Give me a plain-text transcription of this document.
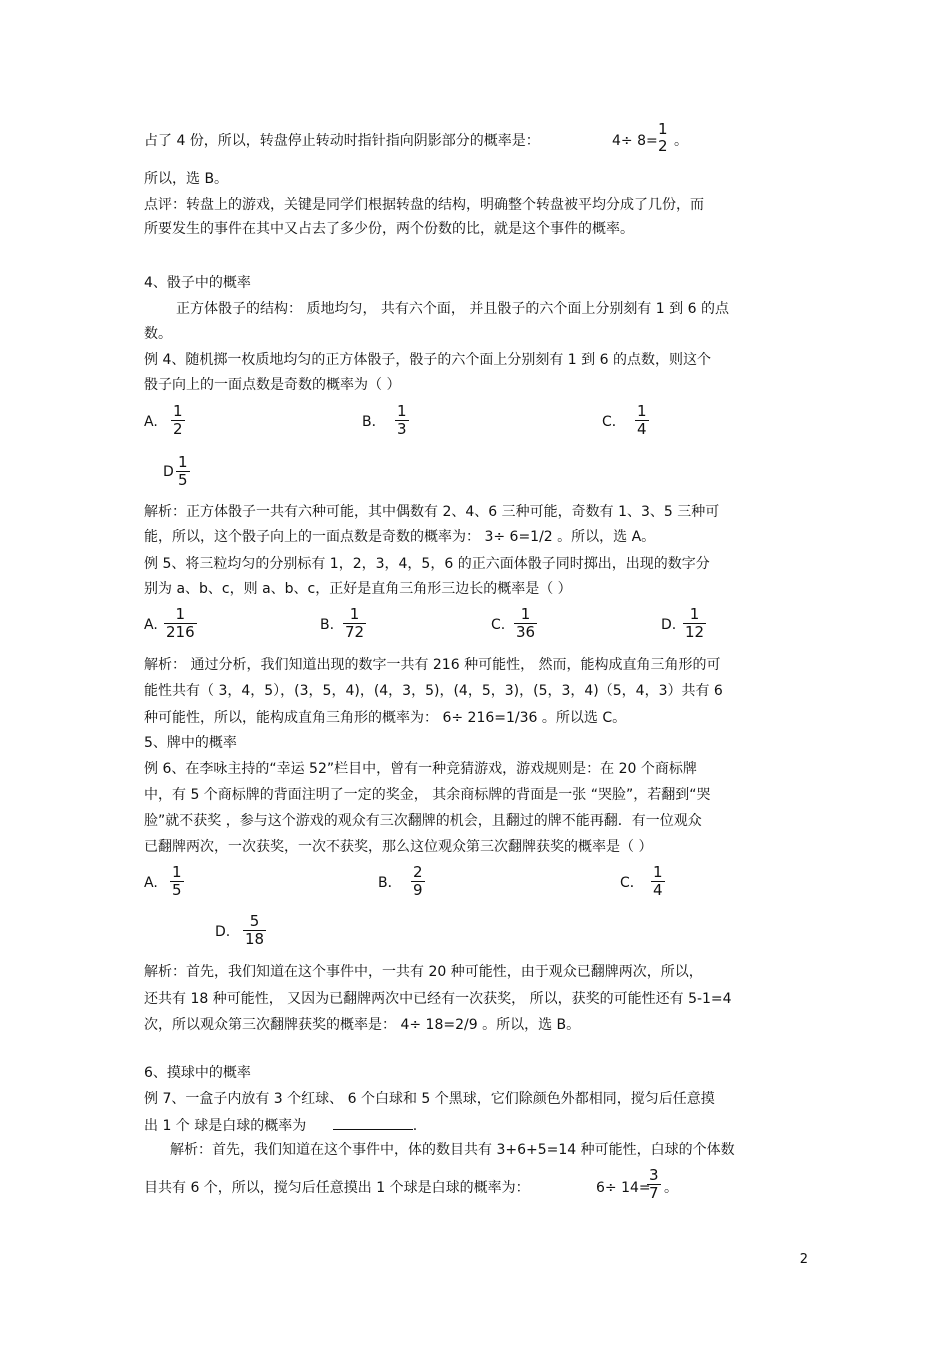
占了 4 份，所以，转盘停止转动时指针指向阴影部分的概率是：	4÷ 8=
1
2 。
所以，选 B。
点评：转盘上的游戏，关键是同学们根据转盘的结构，明确整个转盘被平均分成了几份，而
所要发生的事件在其中又占去了多少份，两个份数的比，就是这个事件的概率。
4、骰子中的概率
正方体骰子的结构： 质地均匀， 共有六个面， 并且骰子的六个面上分别刻有 1 到 6 的点
数。
例 4、随机掷一枚质地均匀的正方体骰子，骰子的六个面上分别刻有 1 到 6 的点数，则这个
骰子向上的一面点数是奇数的概率为（ ）
A. $\frac{1}{2}$	B． $\frac{1}{3}$	C． $\frac{1}{4}$
D $\frac{1}{5}$
解析：正方体骰子一共有六种可能，其中偶数有 2、4、6 三种可能，奇数有 1、3、5 三种可
能，所以，这个骰子向上的一面点数是奇数的概率为： 3÷ 6=1/2 。所以，选 A。
例 5、将三粒均匀的分别标有 1，2，3，4，5，6 的正六面体骰子同时掷出，出现的数字分
别为 a、b、c，则 a、b、c，正好是直角三角形三边长的概率是（ ）
A. $\frac{1}{216}$	B. $\frac{1}{72}$	C. $\frac{1}{36}$	D. $\frac{1}{12}$
解析： 通过分析，我们知道出现的数字一共有 216 种可能性， 然而，能构成直角三角形的可
能性共有（ 3，4，5），(3，5，4)，(4，3，5)，(4，5，3)，(5，3，4)（5，4，3）共有 6
种可能性，所以，能构成直角三角形的概率为： 6÷ 216=1/36 。所以选 C。
5、牌中的概率
例 6、在李咏主持的“幸运 52”栏目中，曾有一种竞猜游戏，游戏规则是：在 20 个商标牌
中，有 5 个商标牌的背面注明了一定的奖金， 其余商标牌的背面是一张 “哭脸”，若翻到“哭
脸”就不获奖 ，参与这个游戏的观众有三次翻牌的机会，且翻过的牌不能再翻．有一位观众
已翻牌两次，一次获奖，一次不获奖，那么这位观众第三次翻牌获奖的概率是（ ）
A. $\frac{1}{5}$	B． $\frac{2}{9}$	C． $\frac{1}{4}$
D. $\frac{5}{18}$
解析：首先，我们知道在这个事件中，一共有 20 种可能性，由于观众已翻牌两次，所以，
还共有 18 种可能性， 又因为已翻牌两次中已经有一次获奖， 所以，获奖的可能性还有 5-1=4
次，所以观众第三次翻牌获奖的概率是： 4÷ 18=2/9 。所以，选 B。
6、摸球中的概率
例 7、一盒子内放有 3 个红球、 6 个白球和 5 个黑球，它们除颜色外都相同，搅匀后任意摸
出 1 个 球是白球的概率为	.
解析：首先，我们知道在这个事件中，体的数目共有 3+6+5=14 种可能性，白球的个体数
目共有 6 个，所以，搅匀后任意摸出 1 个球是白球的概率为：	6÷ 14=
$\frac{3}{7}$ 。
2
